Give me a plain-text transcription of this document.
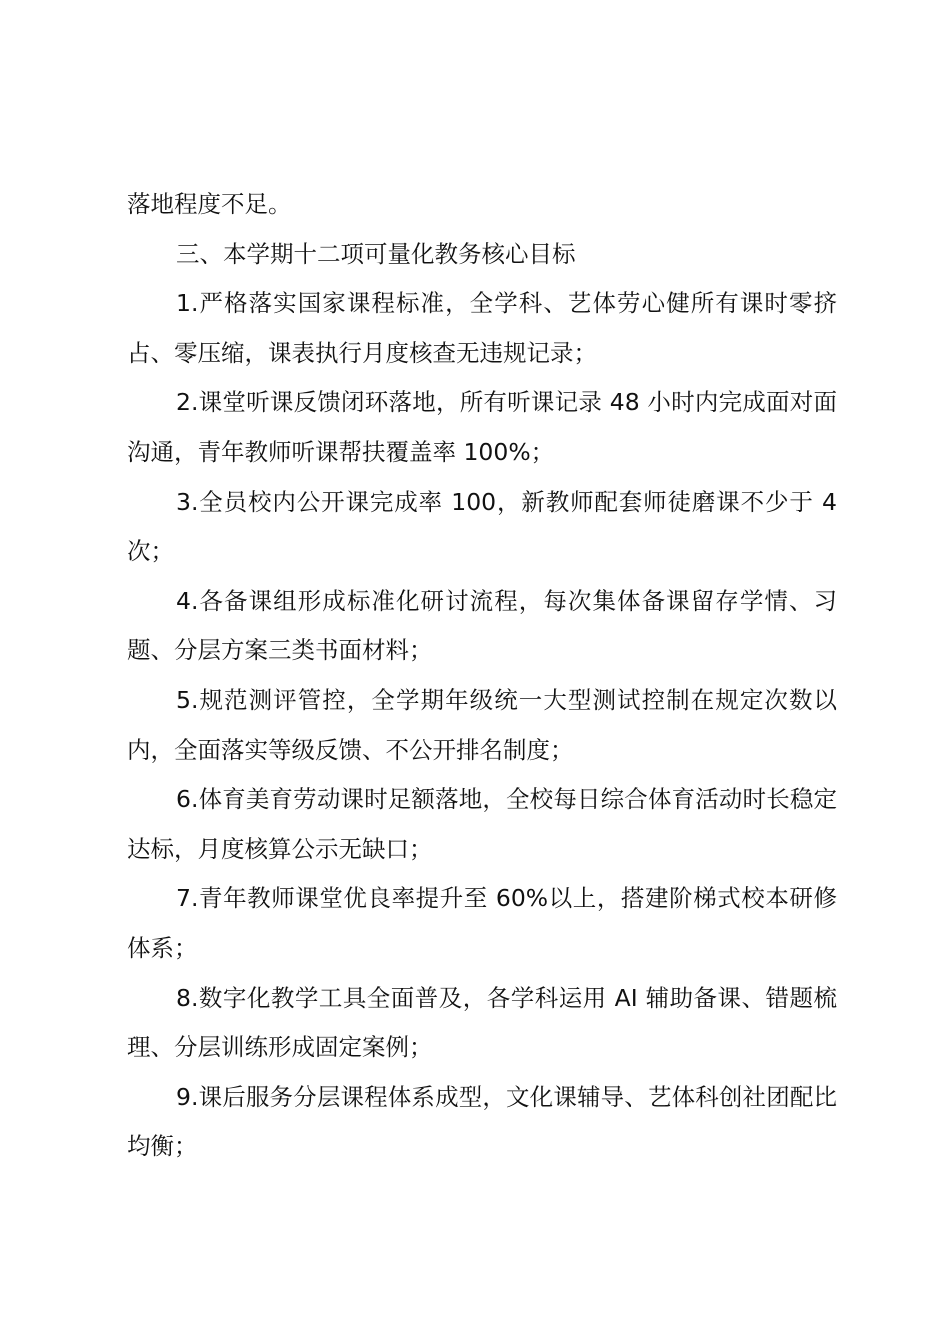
落地程度不足。

三、本学期十二项可量化教务核心目标

1.严格落实国家课程标准，全学科、艺体劳心健所有课时零挤占、零压缩，课表执行月度核查无违规记录；

2.课堂听课反馈闭环落地，所有听课记录 48 小时内完成面对面沟通，青年教师听课帮扶覆盖率 100%；

3.全员校内公开课完成率 100，新教师配套师徒磨课不少于 4 次；

4.各备课组形成标准化研讨流程，每次集体备课留存学情、习题、分层方案三类书面材料；

5.规范测评管控，全学期年级统一大型测试控制在规定次数以内，全面落实等级反馈、不公开排名制度；

6.体育美育劳动课时足额落地，全校每日综合体育活动时长稳定达标，月度核算公示无缺口；

7.青年教师课堂优良率提升至 60%以上，搭建阶梯式校本研修体系；

8.数字化教学工具全面普及，各学科运用 AI 辅助备课、错题梳理、分层训练形成固定案例；

9.课后服务分层课程体系成型，文化课辅导、艺体科创社团配比均衡；
